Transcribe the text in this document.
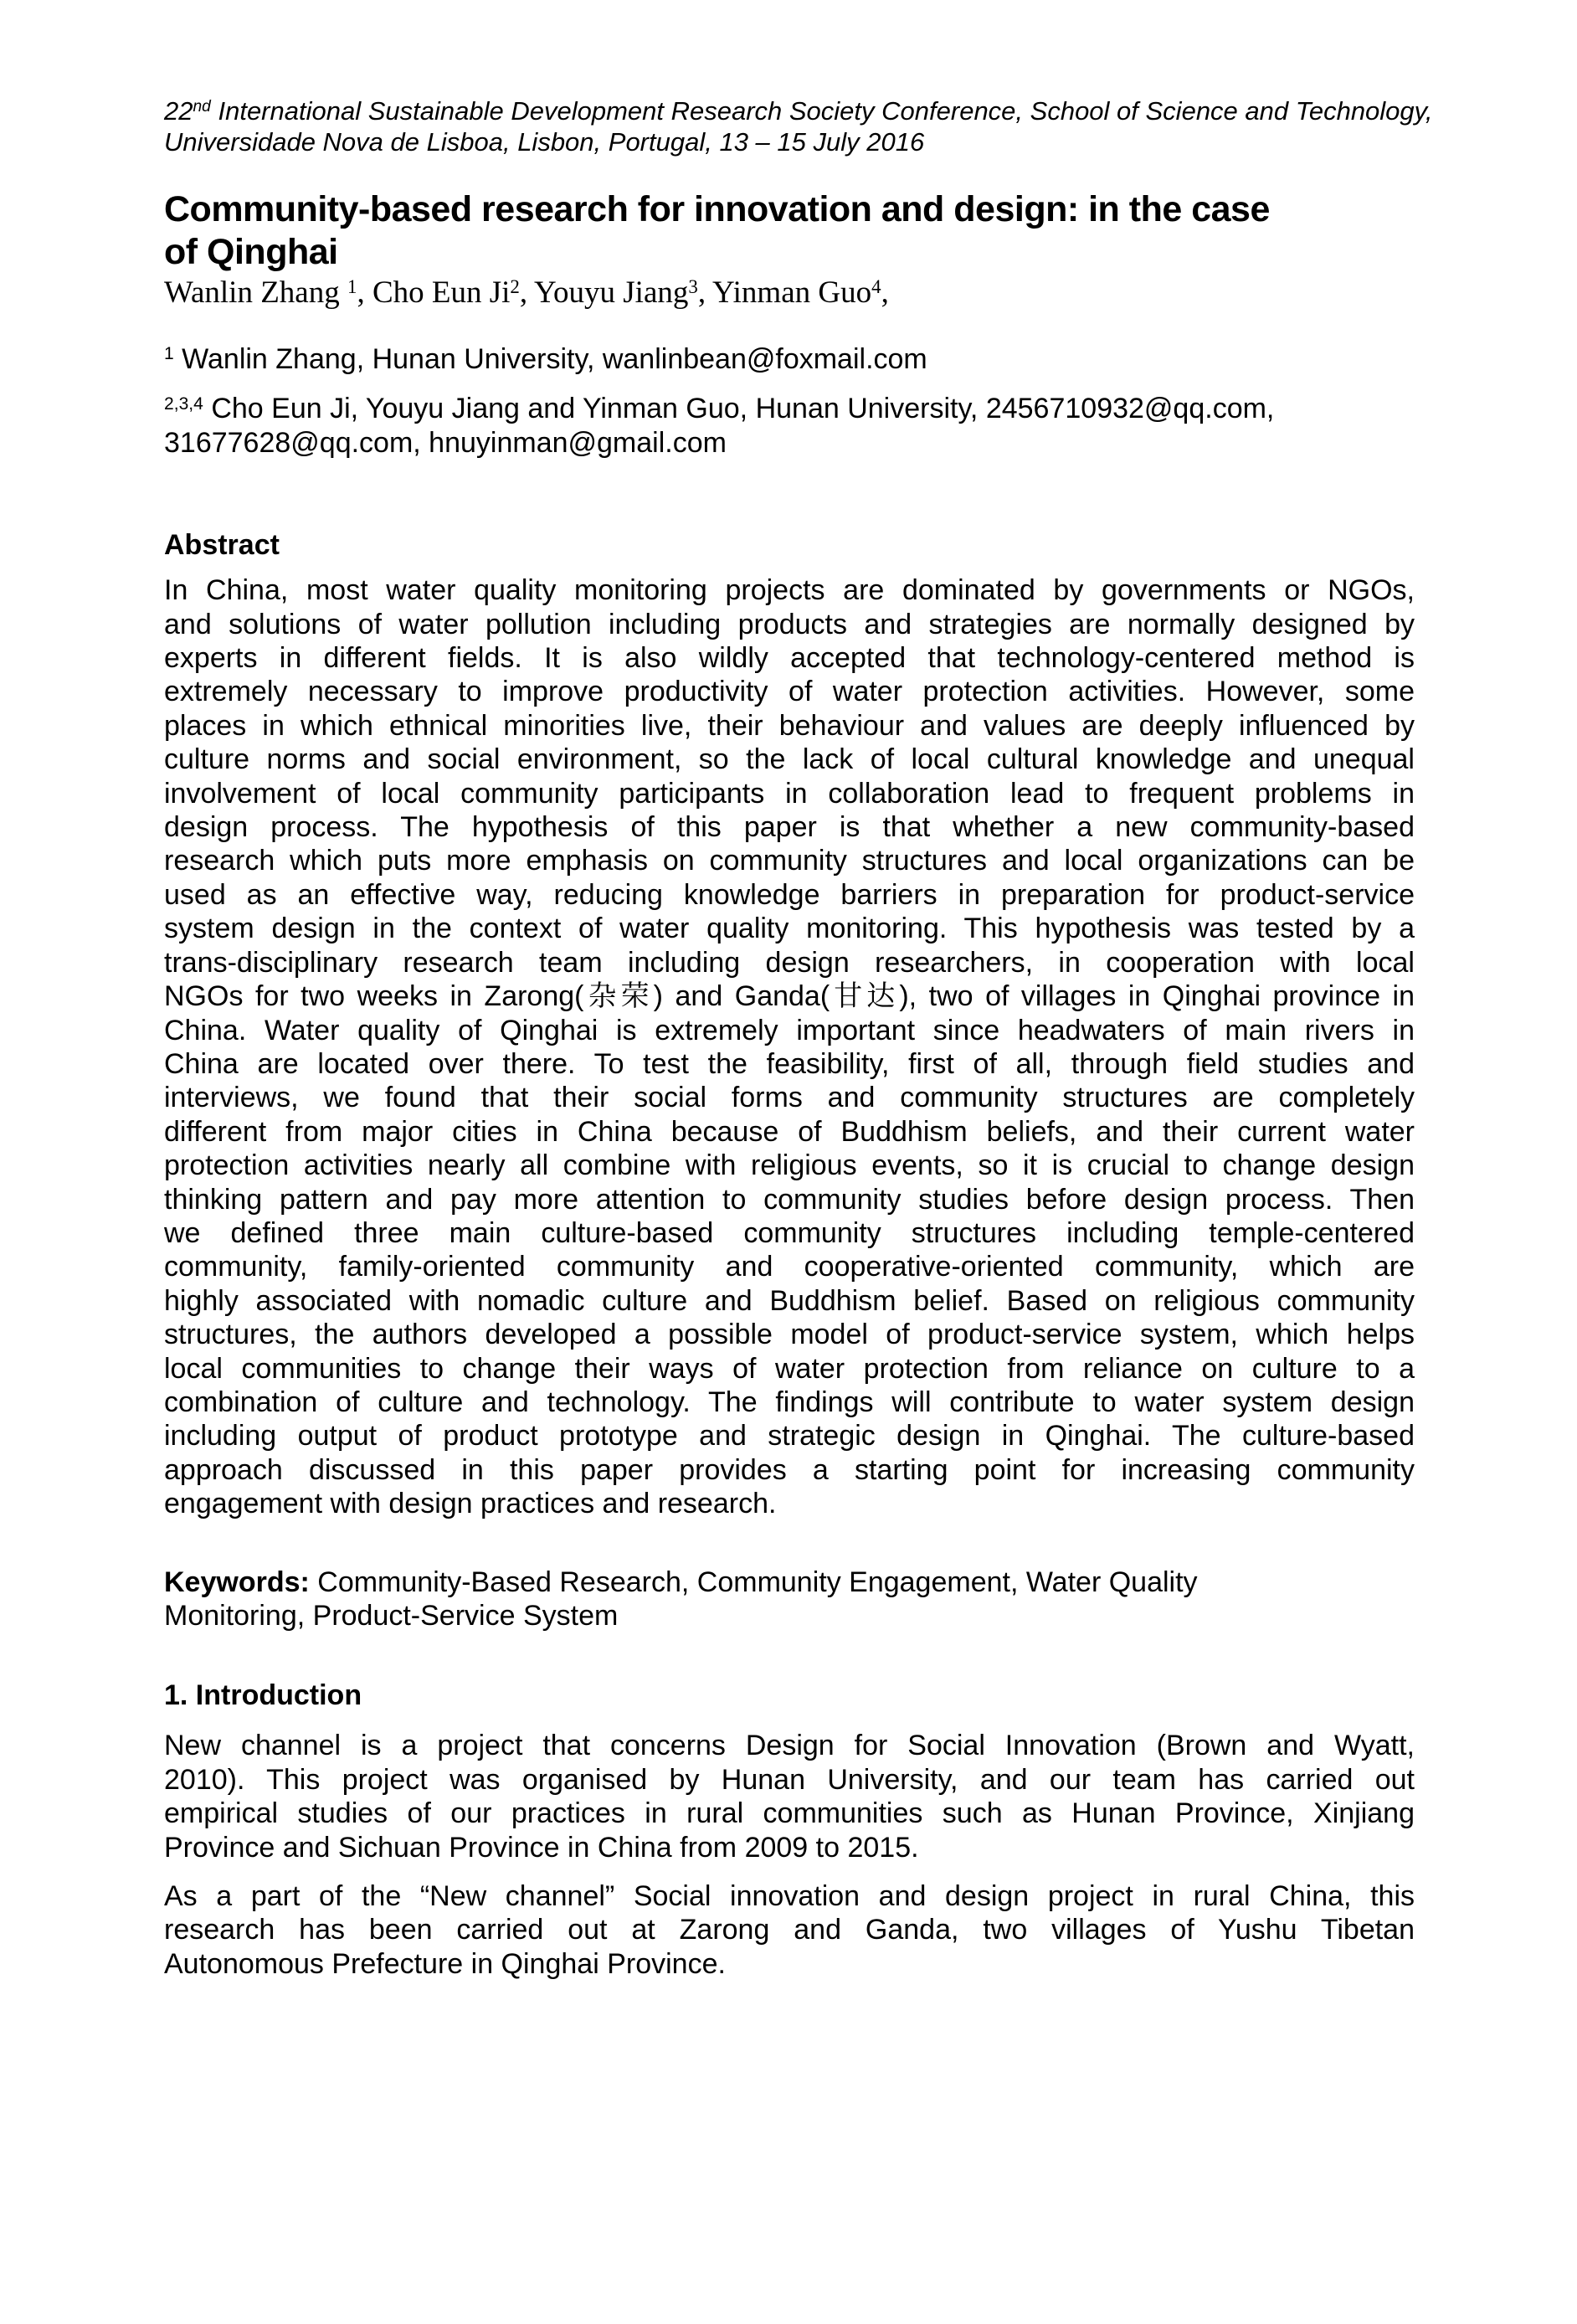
22nd International Sustainable Development Research Society Conference, School of Science and Technology,
Universidade Nova de Lisboa, Lisbon, Portugal, 13 – 15 July 2016
Community-based research for innovation and design: in the case
of Qinghai
Wanlin Zhang $^1$, Cho Eun Ji$^2$, Youyu Jiang$^3$, Yinman Guo$^4$,
$^1$ Wanlin Zhang, Hunan University, wanlinbean@foxmail.com
$^{2,3,4}$ Cho Eun Ji, Youyu Jiang and Yinman Guo, Hunan University, 2456710932@qq.com,
31677628@qq.com, hnuyinman@gmail.com
Abstract
In China, most water quality monitoring projects are dominated by governments or NGOs,
and solutions of water pollution including products and strategies are normally designed by
experts in different fields. It is also wildly accepted that technology-centered method is
extremely necessary to improve productivity of water protection activities. However, some
places in which ethnical minorities live, their behaviour and values are deeply influenced by
culture norms and social environment, so the lack of local cultural knowledge and unequal
involvement of local community participants in collaboration lead to frequent problems in
design process. The hypothesis of this paper is that whether a new community-based
research which puts more emphasis on community structures and local organizations can be
used as an effective way, reducing knowledge barriers in preparation for product-service
system design in the context of water quality monitoring. This hypothesis was tested by a
trans-disciplinary research team including design researchers, in cooperation with local
NGOs for two weeks in Zarong(杂荣) and Ganda(甘达), two of villages in Qinghai province in
China. Water quality of Qinghai is extremely important since headwaters of main rivers in
China are located over there. To test the feasibility, first of all, through field studies and
interviews, we found that their social forms and community structures are completely
different from major cities in China because of Buddhism beliefs, and their current water
protection activities nearly all combine with religious events, so it is crucial to change design
thinking pattern and pay more attention to community studies before design process. Then
we defined three main culture-based community structures including temple-centered
community, family-oriented community and cooperative-oriented community, which are
highly associated with nomadic culture and Buddhism belief. Based on religious community
structures, the authors developed a possible model of product-service system, which helps
local communities to change their ways of water protection from reliance on culture to a
combination of culture and technology. The findings will contribute to water system design
including output of product prototype and strategic design in Qinghai. The culture-based
approach discussed in this paper provides a starting point for increasing community
engagement with design practices and research.
Keywords: Community-Based Research, Community Engagement, Water Quality
Monitoring, Product-Service System
1. Introduction
New channel is a project that concerns Design for Social Innovation (Brown and Wyatt,
2010). This project was organised by Hunan University, and our team has carried out
empirical studies of our practices in rural communities such as Hunan Province, Xinjiang
Province and Sichuan Province in China from 2009 to 2015.
As a part of the “New channel” Social innovation and design project in rural China, this
research has been carried out at Zarong and Ganda, two villages of Yushu Tibetan
Autonomous Prefecture in Qinghai Province.
